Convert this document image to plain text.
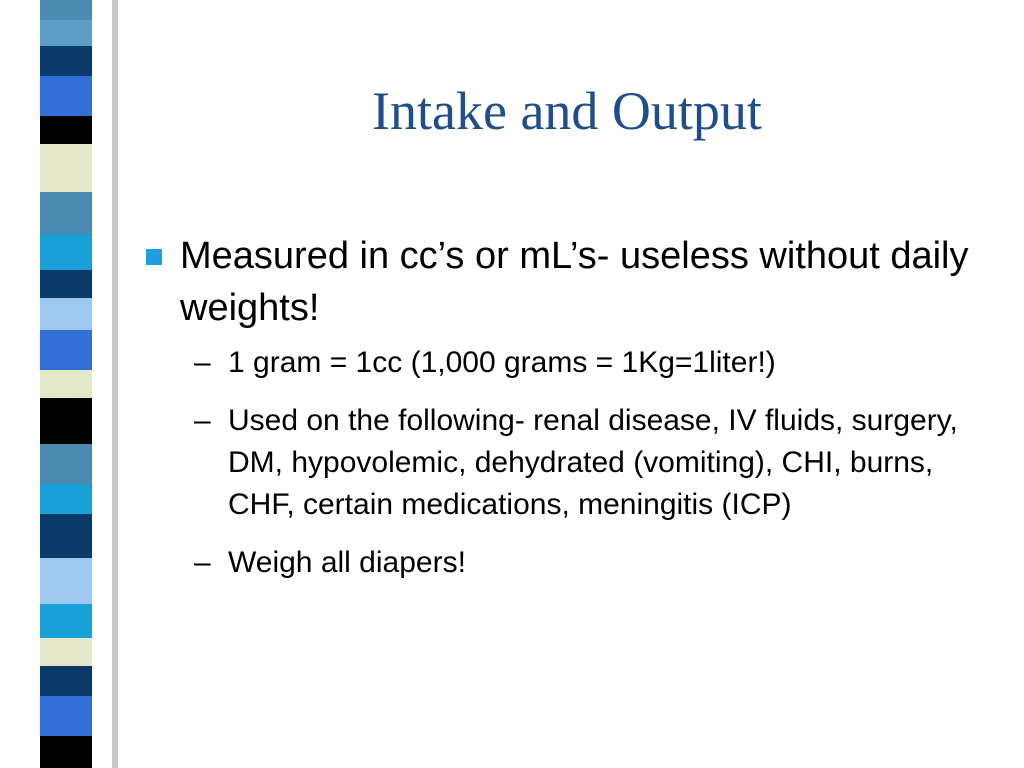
Intake and Output
Measured in cc’s or mL’s- useless without daily weights!
– 1 gram = 1cc (1,000 grams = 1Kg=1liter!)
– Used on the following- renal disease, IV fluids, surgery, DM, hypovolemic, dehydrated (vomiting), CHI, burns, CHF, certain medications, meningitis (ICP)
– Weigh all diapers!
